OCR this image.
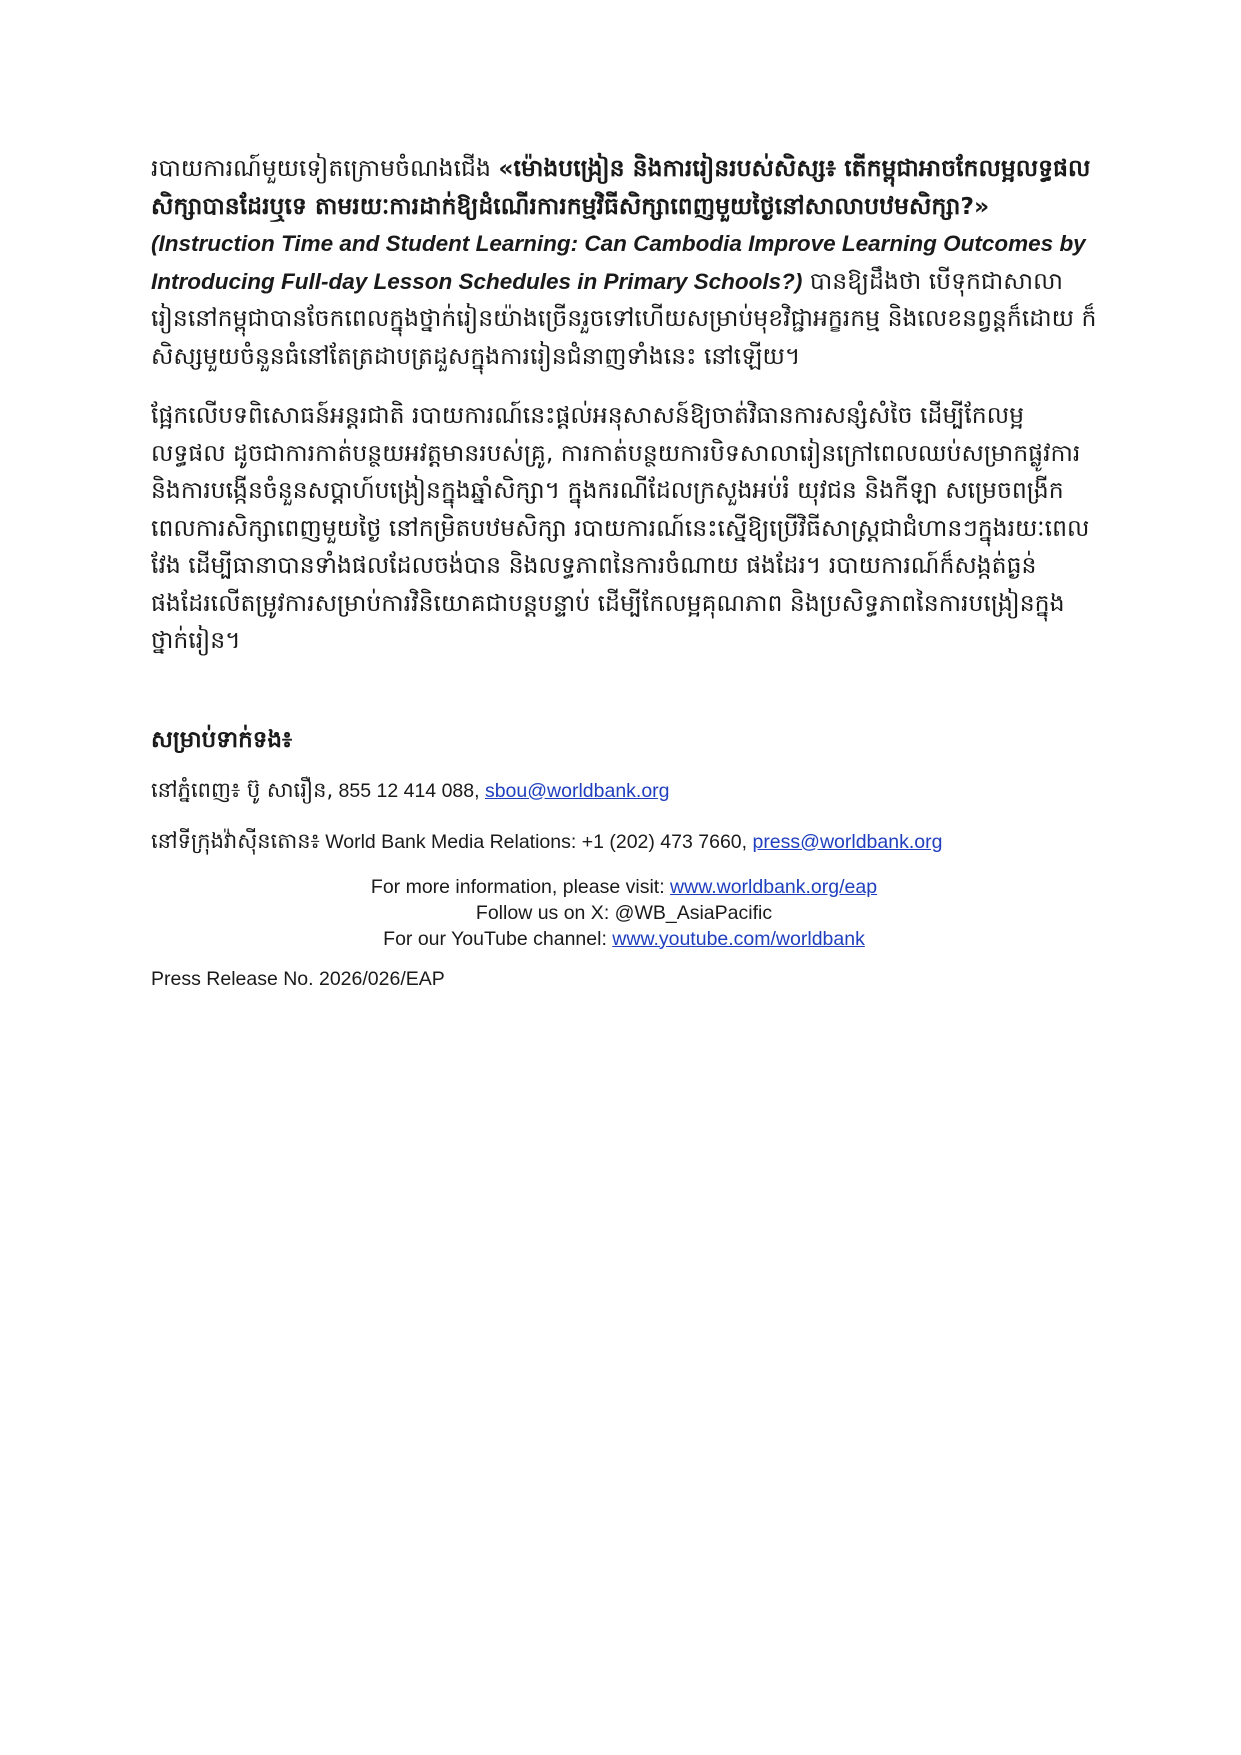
របាយការណ៍មួយទៀតក្រោមចំណងជើង «ម៉ោងបង្រៀន និងការរៀនរបស់សិស្ស៖ តើកម្ពុជាអាចកែលម្អលទ្ធផលសិក្សាបានដែរឬទេ តាមរយៈការដាក់ឱ្យដំណើរការកម្មវិធីសិក្សាពេញមួយថ្ងៃនៅសាលាបឋមសិក្សា?»
(Instruction Time and Student Learning: Can Cambodia Improve Learning Outcomes by Introducing Full-day Lesson Schedules in Primary Schools?) បានឱ្យដឹងថា បើទុកជាសាលារៀននៅកម្ពុជាបានចែកពេលក្នុងថ្នាក់រៀនយ៉ាងច្រើនរួចទៅហើយសម្រាប់មុខវិជ្ជាអក្ខរកម្ម និងលេខនព្វន្តក៏ដោយ ក៏សិស្សមួយចំនួនធំនៅតែត្រដាបត្រដួសក្នុងការរៀនជំនាញទាំងនេះ នៅឡើយ។

ផ្អែកលើបទពិសោធន៍អន្តរជាតិ របាយការណ៍នេះផ្តល់អនុសាសន៍ឱ្យចាត់វិធានការសន្សំសំចៃ ដើម្បីកែលម្អលទ្ធផល ដូចជាការកាត់បន្ថយអវត្តមានរបស់គ្រូ, ការកាត់បន្ថយការបិទសាលារៀនក្រៅពេលឈប់សម្រាកផ្លូវការ និងការបង្កើនចំនួនសប្តាហ៍បង្រៀនក្នុងឆ្នាំសិក្សា។ ក្នុងករណីដែលក្រសួងអប់រំ យុវជន និងកីឡា សម្រេចពង្រីកពេលការសិក្សាពេញមួយថ្ងៃ នៅកម្រិតបឋមសិក្សា របាយការណ៍នេះស្នើឱ្យប្រើវិធីសាស្ត្រជាជំហានៗក្នុងរយៈពេលវែង ដើម្បីធានាបានទាំងផលដែលចង់បាន និងលទ្ធភាពនៃការចំណាយ ផងដែរ។ របាយការណ៍ក៏សង្កត់ធ្ងន់ផងដែរលើតម្រូវការសម្រាប់ការវិនិយោគជាបន្តបន្ទាប់ ដើម្បីកែលម្អគុណភាព និងប្រសិទ្ធភាពនៃការបង្រៀនក្នុងថ្នាក់រៀន។

សម្រាប់ទាក់ទង៖
នៅភ្នំពេញ៖ ប៊ូ សារឿន, 855 12 414 088, sbou@worldbank.org
នៅទីក្រុងវ៉ាស៊ីនតោន៖ World Bank Media Relations: +1 (202) 473 7660, press@worldbank.org
For more information, please visit: www.worldbank.org/eap
Follow us on X: @WB_AsiaPacific
For our YouTube channel: www.youtube.com/worldbank
Press Release No. 2026/026/EAP
